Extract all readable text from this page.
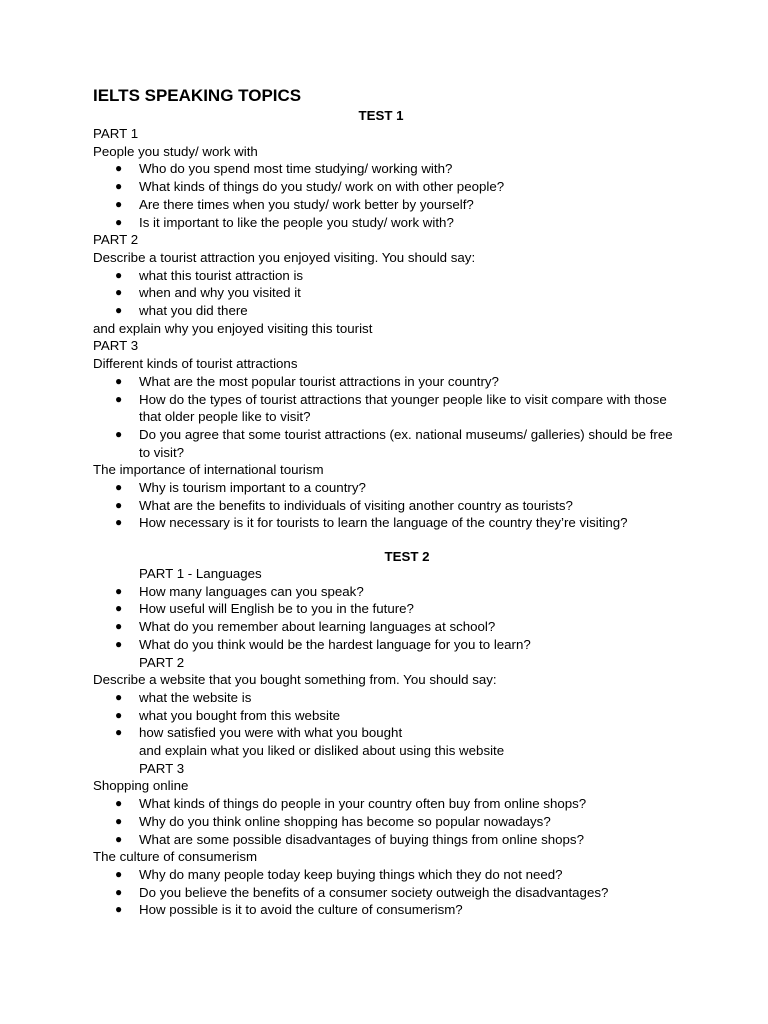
IELTS SPEAKING TOPICS
TEST 1

PART 1

People you study/ work with

● Who do you spend most time studying/ working with?
● What kinds of things do you study/ work on with other people?
● Are there times when you study/ work better by yourself?
● Is it important to like the people you study/ work with?

PART 2

Describe a tourist attraction you enjoyed visiting. You should say:

● what this tourist attraction is
● when and why you visited it
● what you did there

and explain why you enjoyed visiting this tourist

PART 3

Different kinds of tourist attractions

● What are the most popular tourist attractions in your country?
● How do the types of tourist attractions that younger people like to visit compare with those that older people like to visit?
● Do you agree that some tourist attractions (ex. national museums/ galleries) should be free to visit?

The importance of international tourism

● Why is tourism important to a country?
● What are the benefits to individuals of visiting another country as tourists?
● How necessary is it for tourists to learn the language of the country they’re visiting?
TEST 2

PART 1 - Languages

● How many languages can you speak?
● How useful will English be to you in the future?
● What do you remember about learning languages at school?
● What do you think would be the hardest language for you to learn?

PART 2

Describe a website that you bought something from. You should say:

● what the website is
● what you bought from this website
● how satisfied you were with what you bought

and explain what you liked or disliked about using this website

PART 3

Shopping online

● What kinds of things do people in your country often buy from online shops?
● Why do you think online shopping has become so popular nowadays?
● What are some possible disadvantages of buying things from online shops?

The culture of consumerism

● Why do many people today keep buying things which they do not need?
● Do you believe the benefits of a consumer society outweigh the disadvantages?
● How possible is it to avoid the culture of consumerism?
